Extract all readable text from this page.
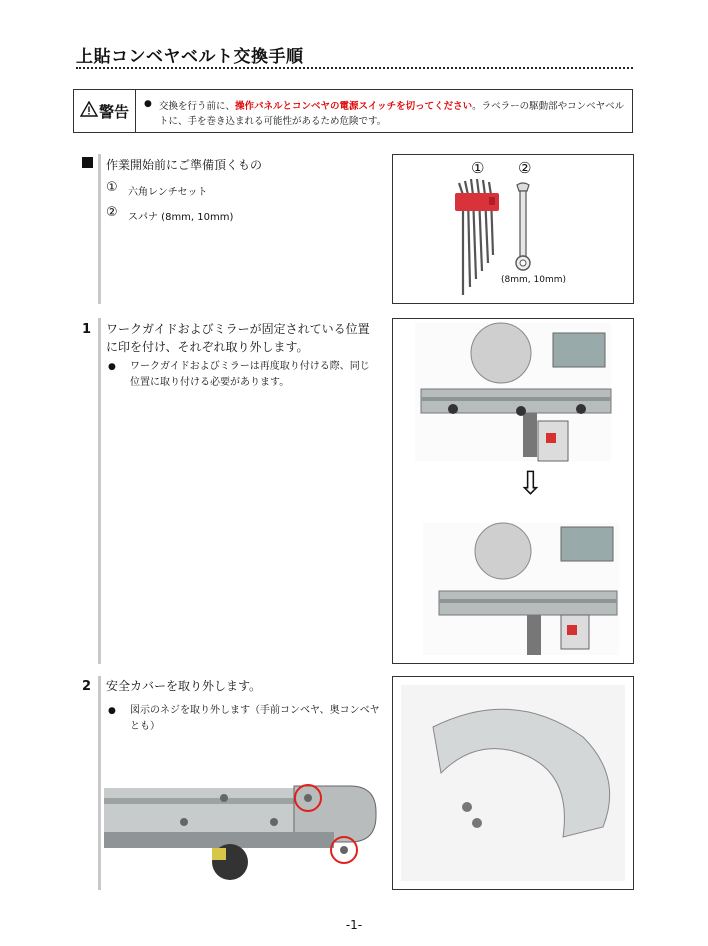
上貼コンベヤベルト交換手順
警告 ● 交換を行う前に、操作パネルとコンベヤの電源スイッチを切ってください。ラベラーの駆動部やコンベヤベルトに、手を巻き込まれる可能性があるため危険です。
作業開始前にご準備頂くもの
① 六角レンチセット
② スパナ (8mm, 10mm)
① ②
(8mm, 10mm)
1 ワークガイドおよびミラーが固定されている位置に印を付け、それぞれ取り外します。
● ワークガイドおよびミラーは再度取り付ける際、同じ位置に取り付ける必要があります。
⇩
2 安全カバーを取り外します。
● 図示のネジを取り外します（手前コンベヤ、奥コンベヤとも）
-1-
